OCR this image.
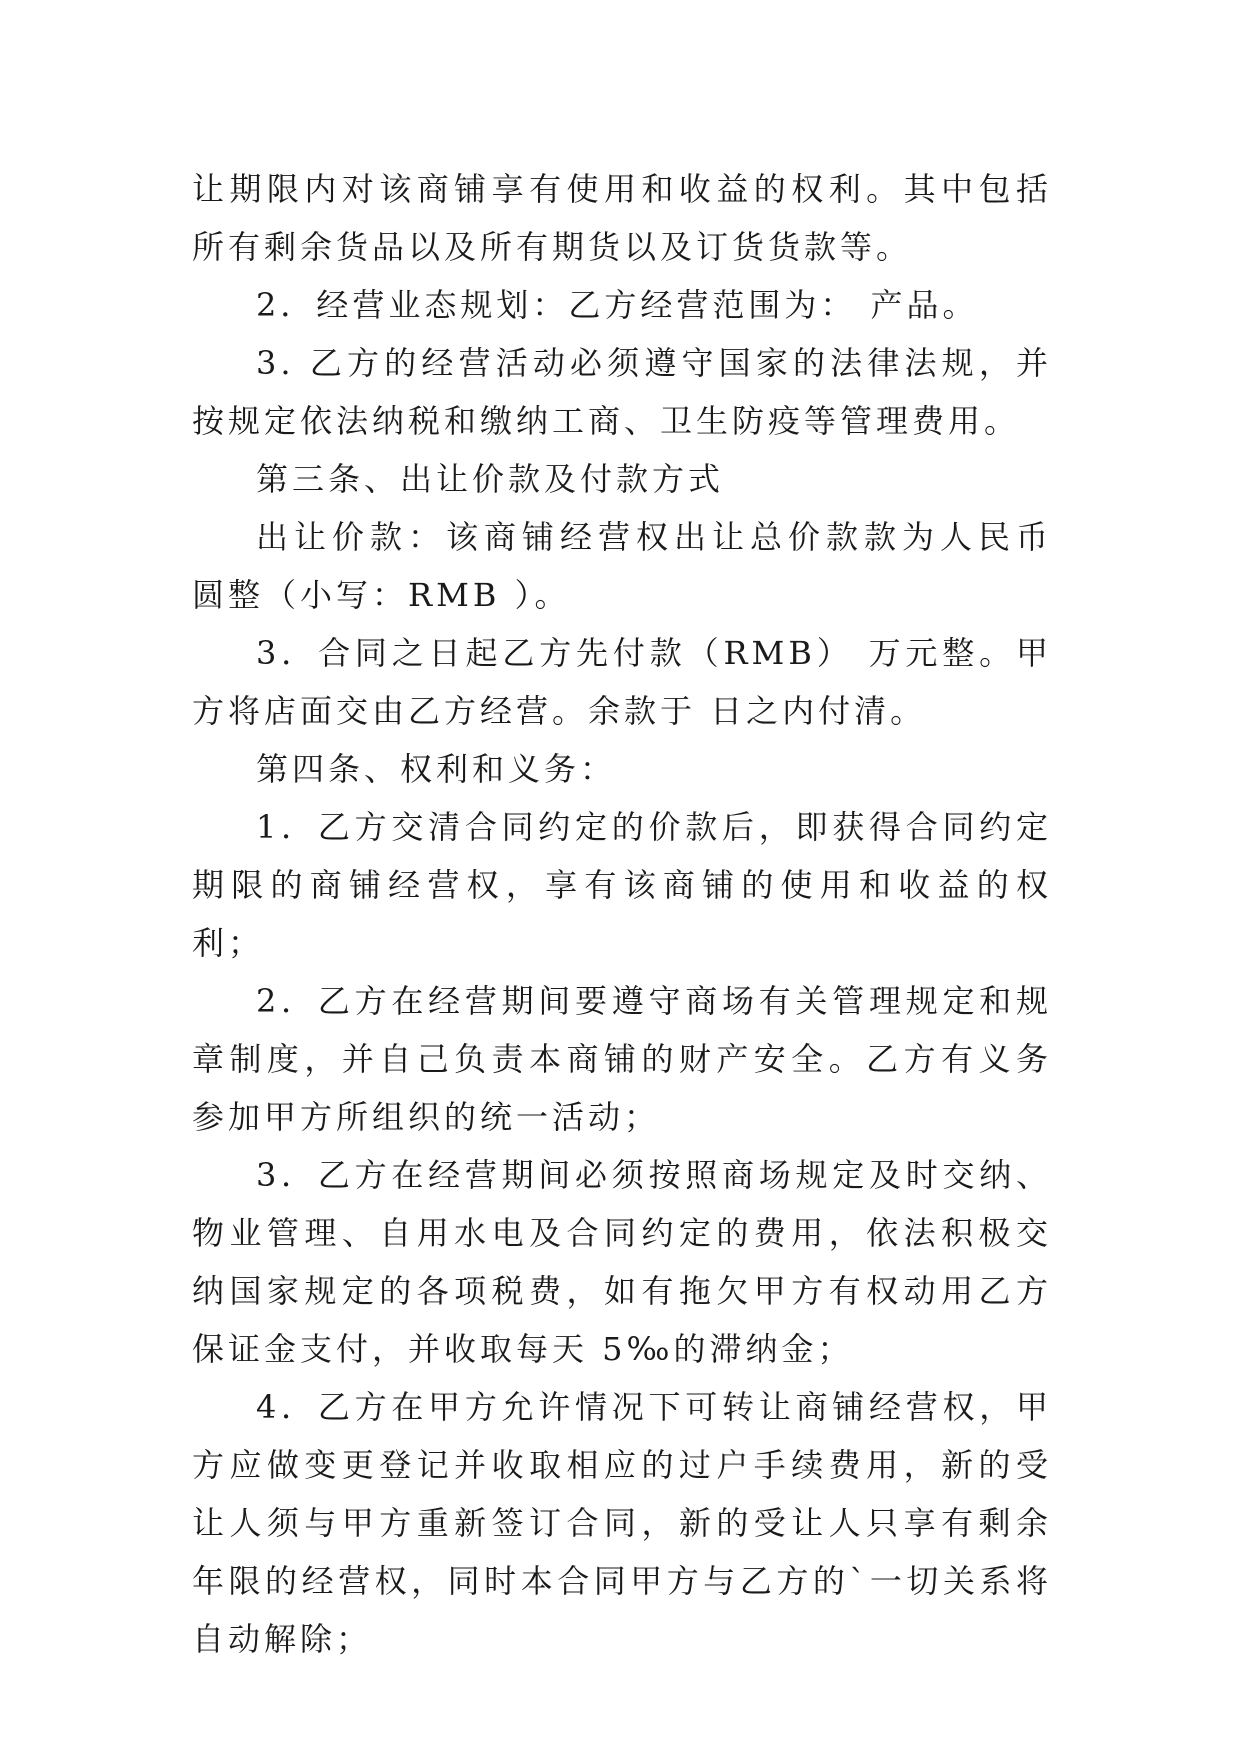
让期限内对该商铺享有使用和收益的权利。其中包括所有剩余货品以及所有期货以及订货货款等。

2．经营业态规划：乙方经营范围为： 产品。

3. 乙方的经营活动必须遵守国家的法律法规，并按规定依法纳税和缴纳工商、卫生防疫等管理费用。

第三条、出让价款及付款方式

出让价款：该商铺经营权出让总价款款为人民币 圆整（小写：RMB ）。

3．合同之日起乙方先付款（RMB） 万元整。甲方将店面交由乙方经营。余款于 日之内付清。

第四条、权利和义务：

1．乙方交清合同约定的价款后，即获得合同约定期限的商铺经营权，享有该商铺的使用和收益的权利；

2．乙方在经营期间要遵守商场有关管理规定和规章制度，并自己负责本商铺的财产安全。乙方有义务参加甲方所组织的统一活动；

3．乙方在经营期间必须按照商场规定及时交纳、物业管理、自用水电及合同约定的费用，依法积极交纳国家规定的各项税费，如有拖欠甲方有权动用乙方保证金支付，并收取每天 5‰的滞纳金；

4．乙方在甲方允许情况下可转让商铺经营权，甲方应做变更登记并收取相应的过户手续费用，新的受让人须与甲方重新签订合同，新的受让人只享有剩余年限的经营权，同时本合同甲方与乙方的`一切关系将自动解除；
